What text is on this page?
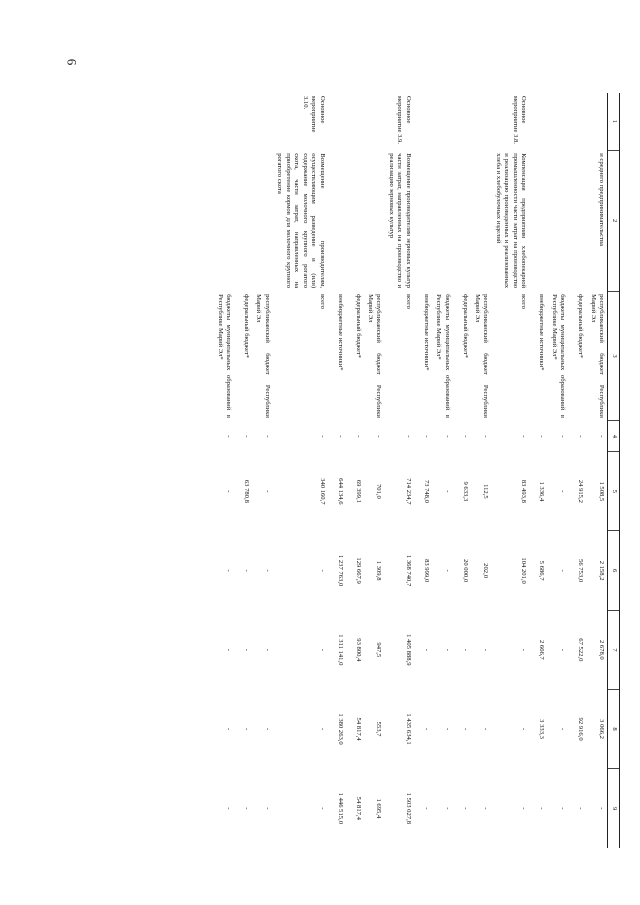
6
1	2	3	4	5	6	7	8	9
	и среднего предпринимательства	республиканский бюджет Республики Марий Эл	-	1 508,5	2 158,2	2 678,0	3 066,2	-
		федеральный бюджет*	-	24 915,2	56 753,0	67 522,0	92 916,0	-
		бюджеты муниципальных образований в Республике Марий Эл*	-	-	-	-	-	-
		внебюджетные источники*	-	1 336,4	5 686,7	2 666,7	3 333,3	-
Основное мероприятие 3.8.	Компенсация предприятиям хлебопекарной промышленности части затрат на производство и реализацию произведенных и реализованных хлеба и хлебобулочных изделий	всего	-	83 493,8	104 201,0	-	-	-
		республиканский бюджет Республики Марий Эл	-	112,5	202,0	-	-	-
		федеральный бюджет*	-	9 633,3	20 000,0	-	-	-
		бюджеты муниципальных образований в Республике Марий Эл*	-	-	-	-	-	-
		внебюджетные источники*	-	73 748,0	83 999,0	-	-	-
Основное мероприятие 3.9.	Возмещение производителям зерновых культур части затрат, направленных на производство и реализацию зерновых культур	всего	-	714 234,7	1 368 740,7	1 405 888,9	1 435 634,1	1 503 027,8
		республиканский бюджет Республики Марий Эл	-	701,0	1 309,8	947,5	553,7	1 695,4
		федеральный бюджет*	-	69 399,1	129 667,9	93 800,4	54 817,4	54 817,4
		внебюджетные источники*	-	644 134,6	1 237 763,0	1 311 141,0	1 380 263,0	1 446 515,0
Основное мероприятие 3.10.	Возмещение производителям, осуществляющим разведение и (или) содержание молочного крупного рогатого скота, части затрат, направленных на приобретение кормов для молочного крупного рогатого скота	всего	-	340 160,7	-	-	-	-
		республиканский бюджет Республики Марий Эл	-	-	-	-	-	-
		федеральный бюджет*	-	63 780,8	-	-	-	-
		бюджеты муниципальных образований в Республике Марий Эл*	-	-	-	-	-	-
